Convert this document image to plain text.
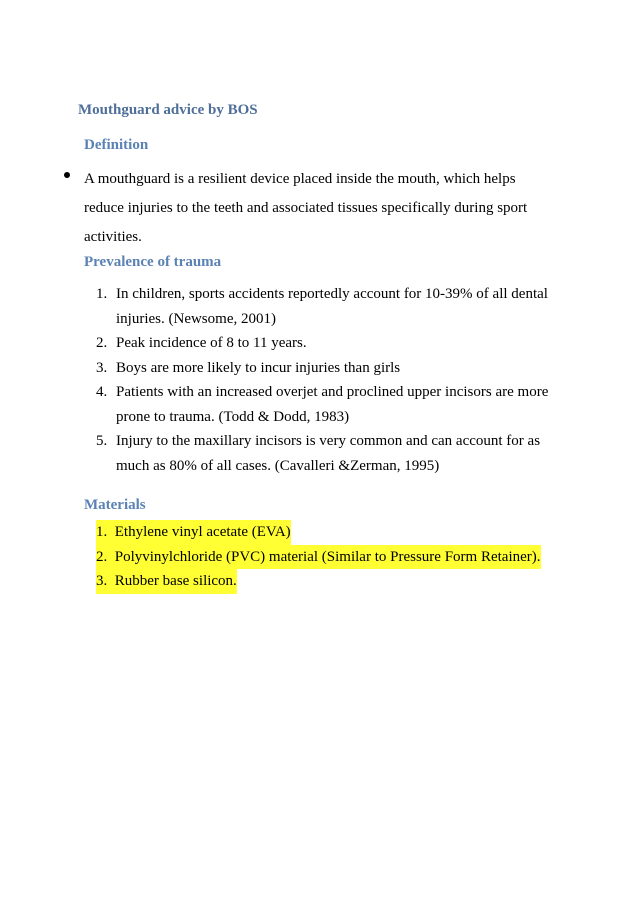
Mouthguard advice by BOS
Definition
A mouthguard is a resilient device placed inside the mouth, which helps
reduce injuries to the teeth and associated tissues specifically during sport
activities.
Prevalence of trauma
1. In children, sports accidents reportedly account for 10-39% of all dental
injuries. (Newsome, 2001)
2. Peak incidence of 8 to 11 years.
3. Boys are more likely to incur injuries than girls
4. Patients with an increased overjet and proclined upper incisors are more
prone to trauma. (Todd & Dodd, 1983)
5. Injury to the maxillary incisors is very common and can account for as
much as 80% of all cases. (Cavalleri &Zerman, 1995)
Materials
1. Ethylene vinyl acetate (EVA)
2. Polyvinylchloride (PVC) material (Similar to Pressure Form Retainer).
3. Rubber base silicon.
